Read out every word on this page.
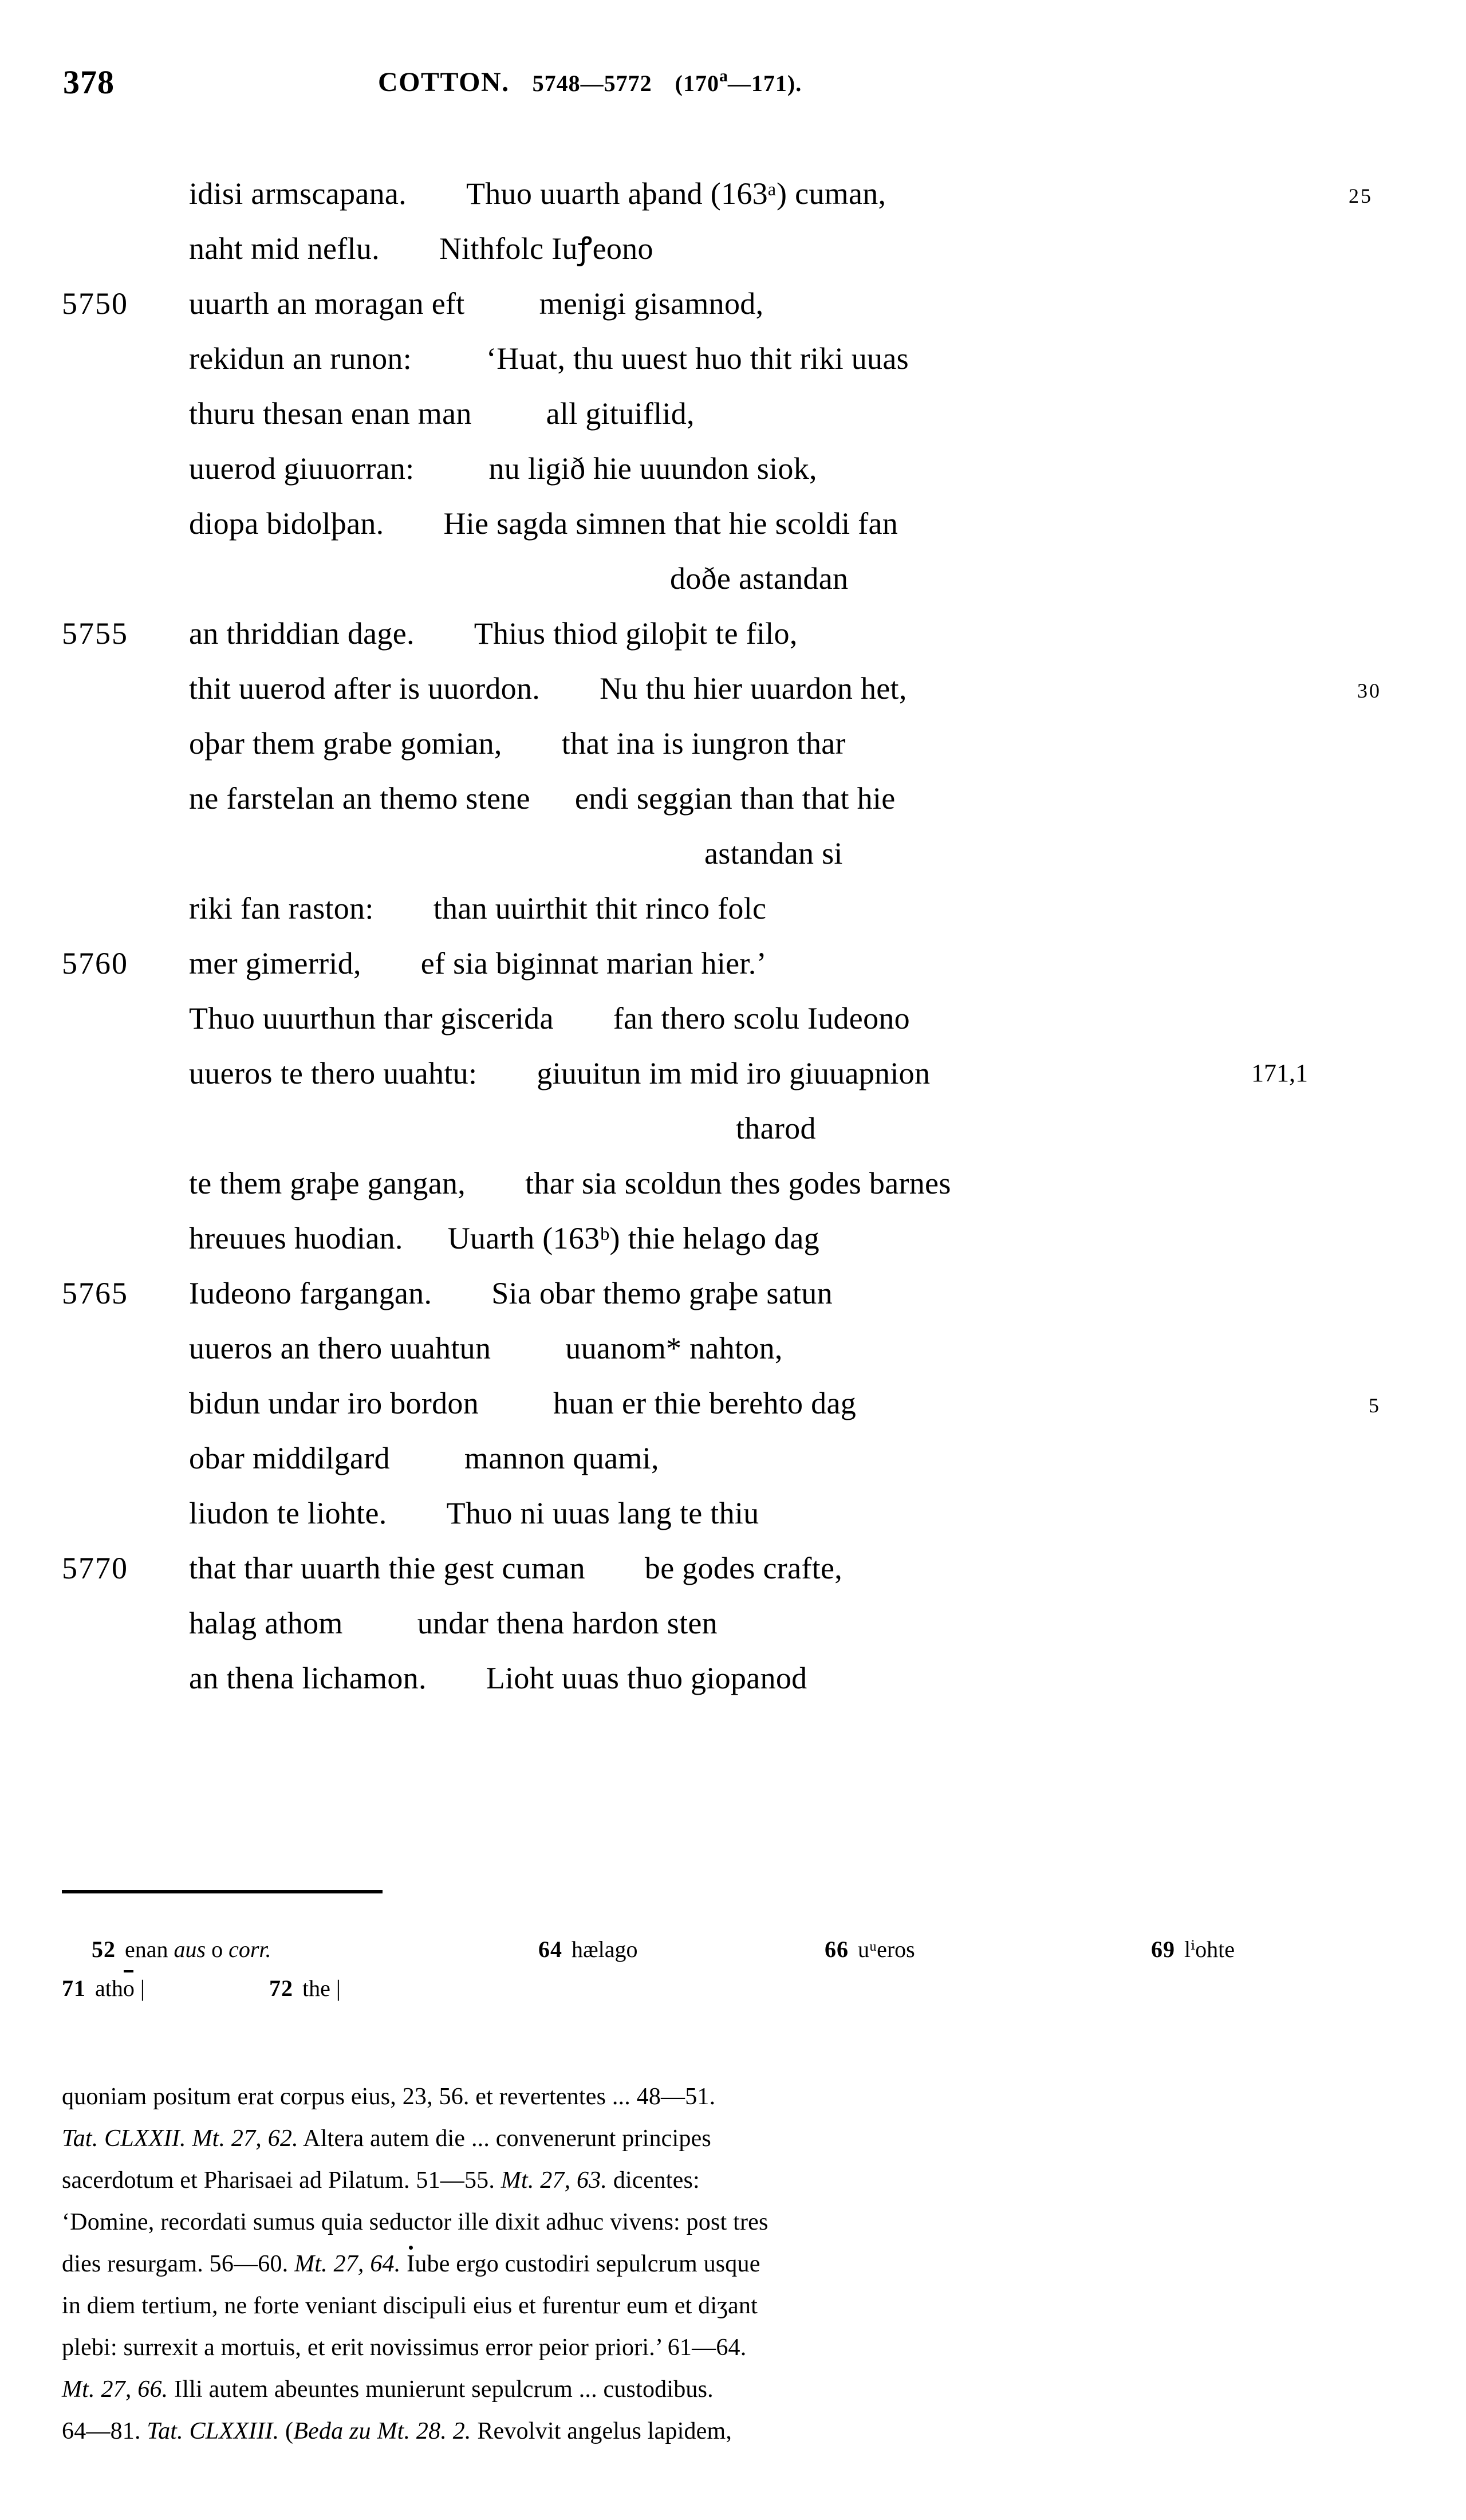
378	COTTON. 5748—5772 (170$^a$—171).
idisi armscapana. Thuo uuarth aþand (163ᵃ) cuman,	25
naht mid neflu. Nithfolc Iuꝭeono
5750	uuarth an moragan eft menigi gisamnod,
rekidun an runon: ‘Huat, thu uuest huo thit riki uuas
thuru thesan enan man all gituiflid,
uuerod giuuorran: nu ligið hie uuundon siok,
diopa bidolþan. Hie sagda simnen that hie scoldi fan
doðe astandan
5755	an thriddian dage. Thius thiod giloþit te filo,
thit uuerod after is uuordon. Nu thu hier uuardon het,	30
oþar them grabe gomian, that ina is iungron thar
ne farstelan an themo stene endi seggian than that hie
astandan si
riki fan raston: than uuirthit thit rinco folc
5760	mer gimerrid, ef sia biginnat marian hier.’
Thuo uuurthun thar giscerida fan thero scolu Iudeono
uueros te thero uuahtu: giuuitun im mid iro giuuapnion	171,1
tharod
te them graþe gangan, thar sia scoldun thes godes barnes
hreuues huodian. Uuarth (163ᵇ) thie helago dag
5765	Iudeono fargangan. Sia obar themo graþe satun
uueros an thero uuahtun uuanom* nahton,
bidun undar iro bordon huan er thie berehto dag	5
obar middilgard mannon quami,
liudon te liohte. Thuo ni uuas lang te thiu
5770	that thar uuarth thie gest cuman be godes crafte,
halag athom undar thena hardon sten
an thena lichamon. Lioht uuas thuo giopanod
52 enan aus o corr.	64 hælago	66 uᵘeros	69 lⁱohte
71 atho |	72 the |
quoniam positum erat corpus eius, 23, 56. et revertentes ... 48—51.
Tat. CLXXII. Mt. 27, 62. Altera autem die ... convenerunt principes
sacerdotum et Pharisaei ad Pilatum. 51—55. Mt. 27, 63. dicentes:
‘Domine, recordati sumus quia seductor ille dixit adhuc vivens: post tres
dies resurgam. 56—60. Mt. 27, 64. Iube ergo custodiri sepulcrum usque
in diem tertium, ne forte veniant discipuli eius et furentur eum et diʒant
plebi: surrexit a mortuis, et erit novissimus error peior priori.’ 61—64.
Mt. 27, 66. Illi autem abeuntes munierunt sepulcrum ... custodibus.
64—81. Tat. CLXXIII. (Beda zu Mt. 28. 2. Revolvit angelus lapidem,
